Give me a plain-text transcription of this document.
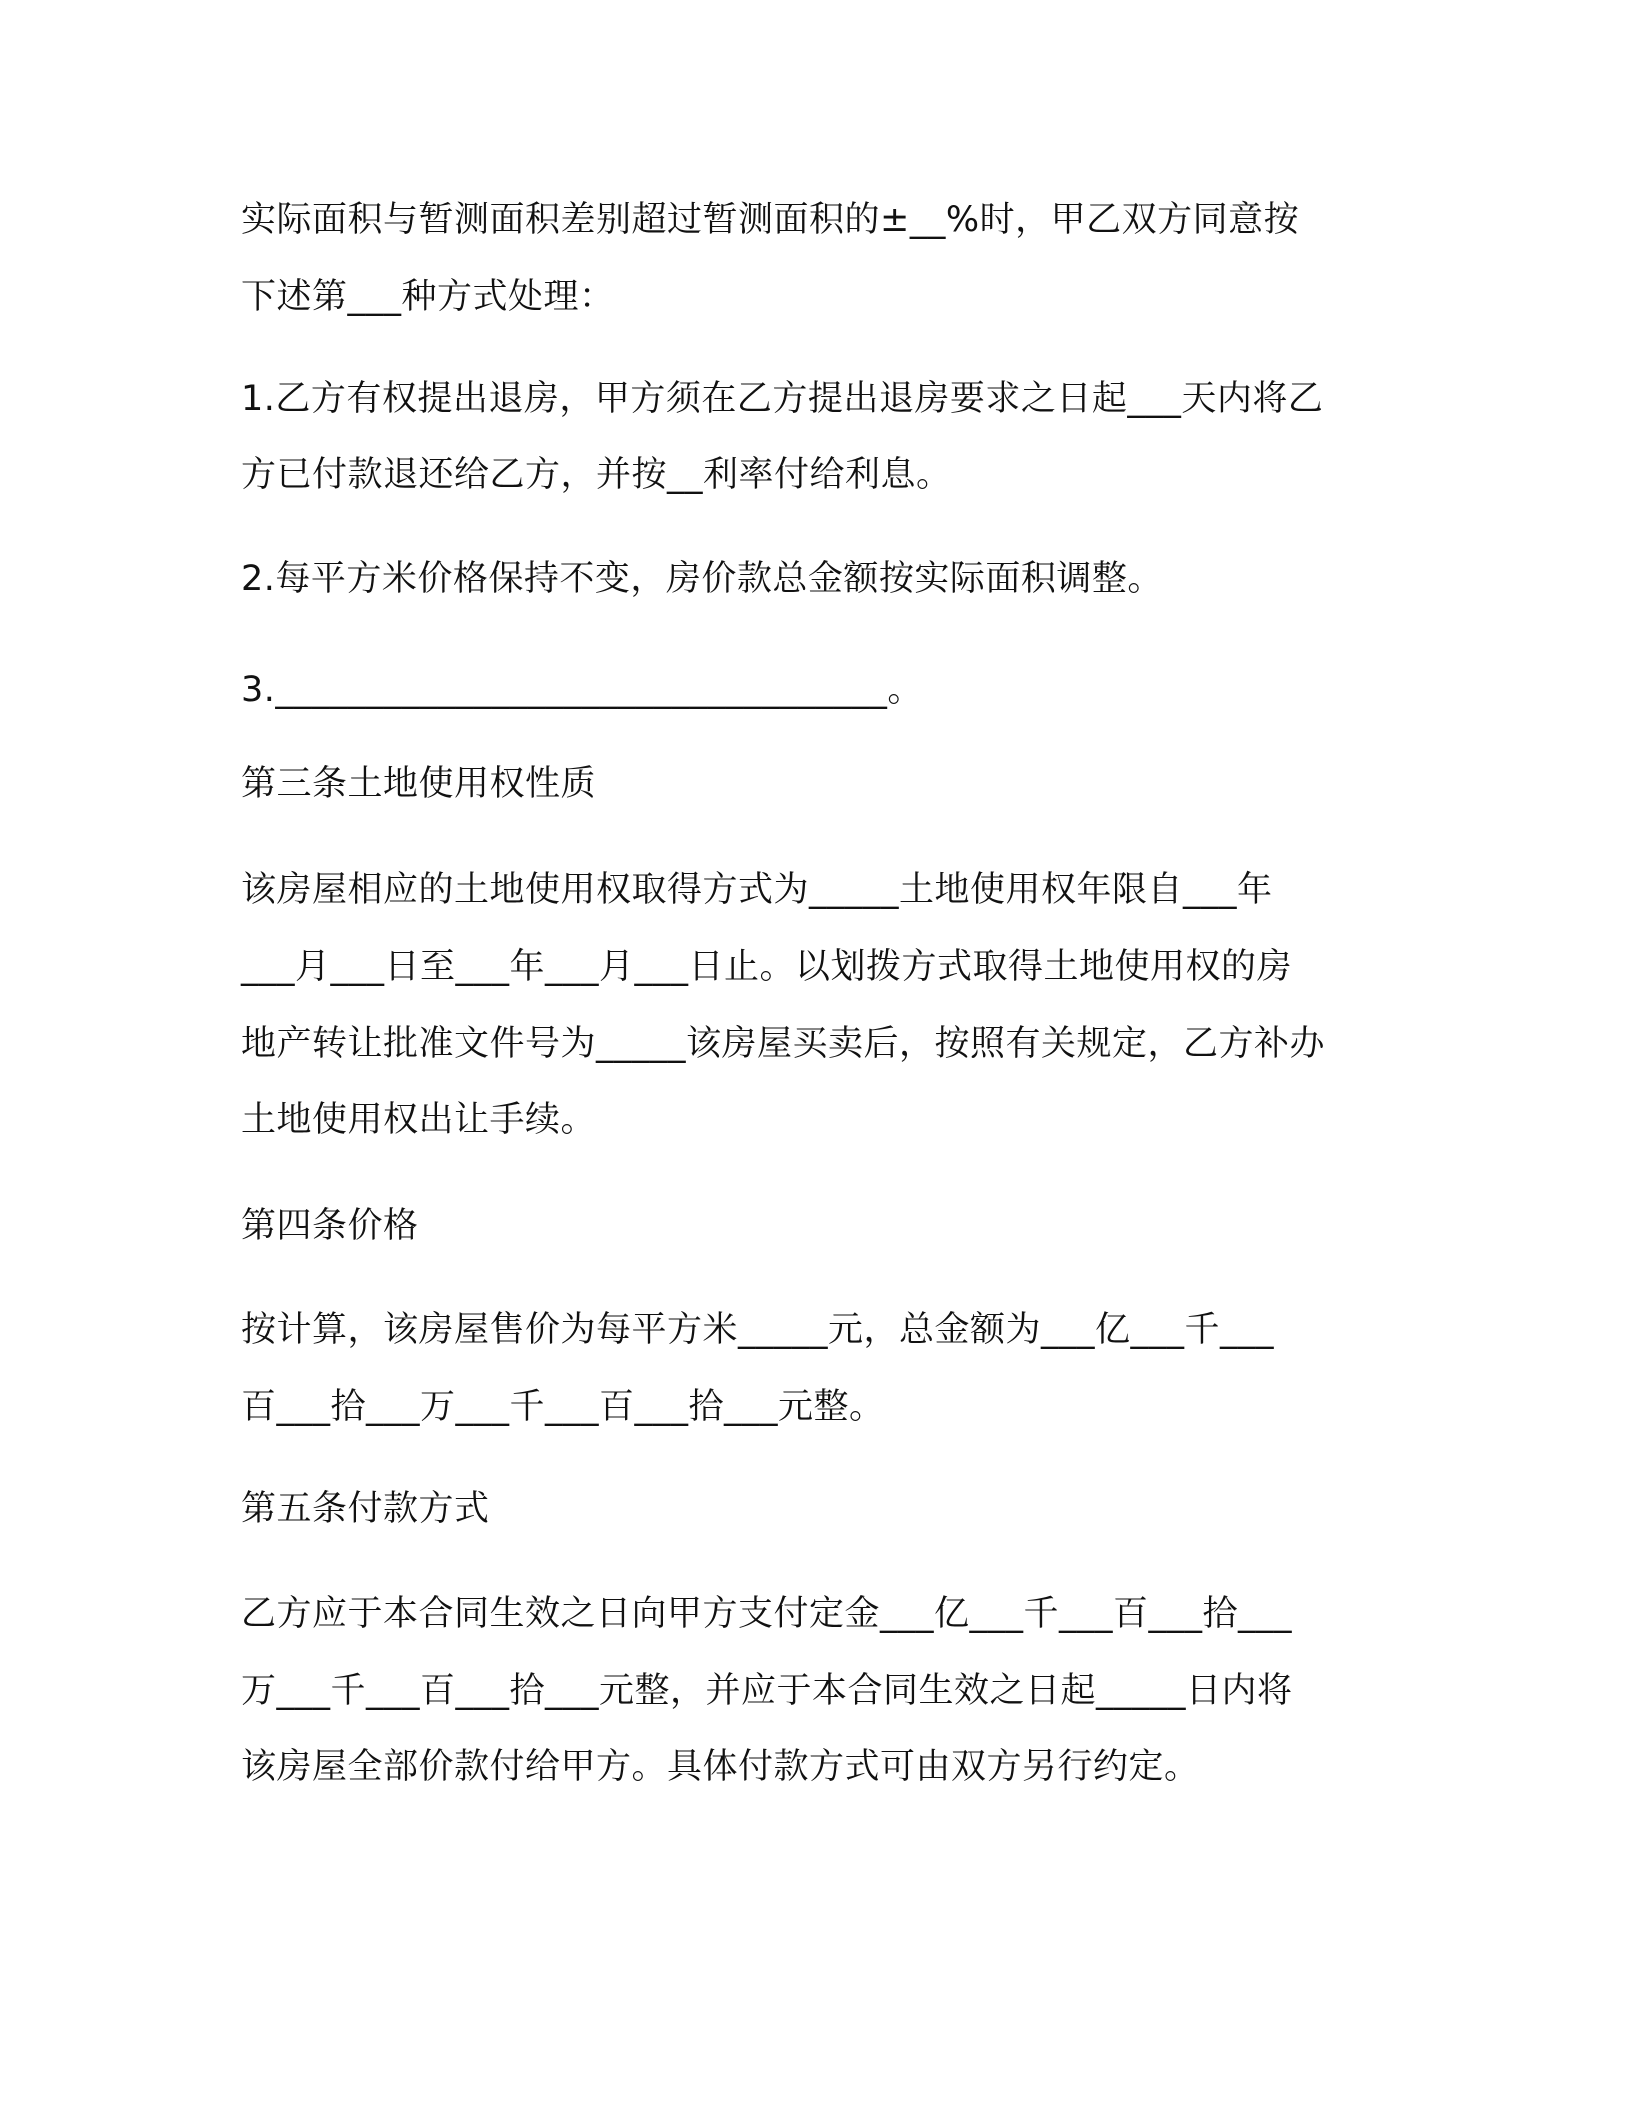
实际面积与暂测面积差别超过暂测面积的±__%时，甲乙双方同意按
下述第___种方式处理：
1.乙方有权提出退房，甲方须在乙方提出退房要求之日起___天内将乙
方已付款退还给乙方，并按__利率付给利息。
2.每平方米价格保持不变，房价款总金额按实际面积调整。
3.__________________________________。
第三条土地使用权性质
该房屋相应的土地使用权取得方式为_____土地使用权年限自___年
___月___日至___年___月___日止。以划拨方式取得土地使用权的房
地产转让批准文件号为_____该房屋买卖后，按照有关规定，乙方补办
土地使用权出让手续。
第四条价格
按计算，该房屋售价为每平方米_____元，总金额为___亿___千___
百___拾___万___千___百___拾___元整。
第五条付款方式
乙方应于本合同生效之日向甲方支付定金___亿___千___百___拾___
万___千___百___拾___元整，并应于本合同生效之日起_____日内将
该房屋全部价款付给甲方。具体付款方式可由双方另行约定。
